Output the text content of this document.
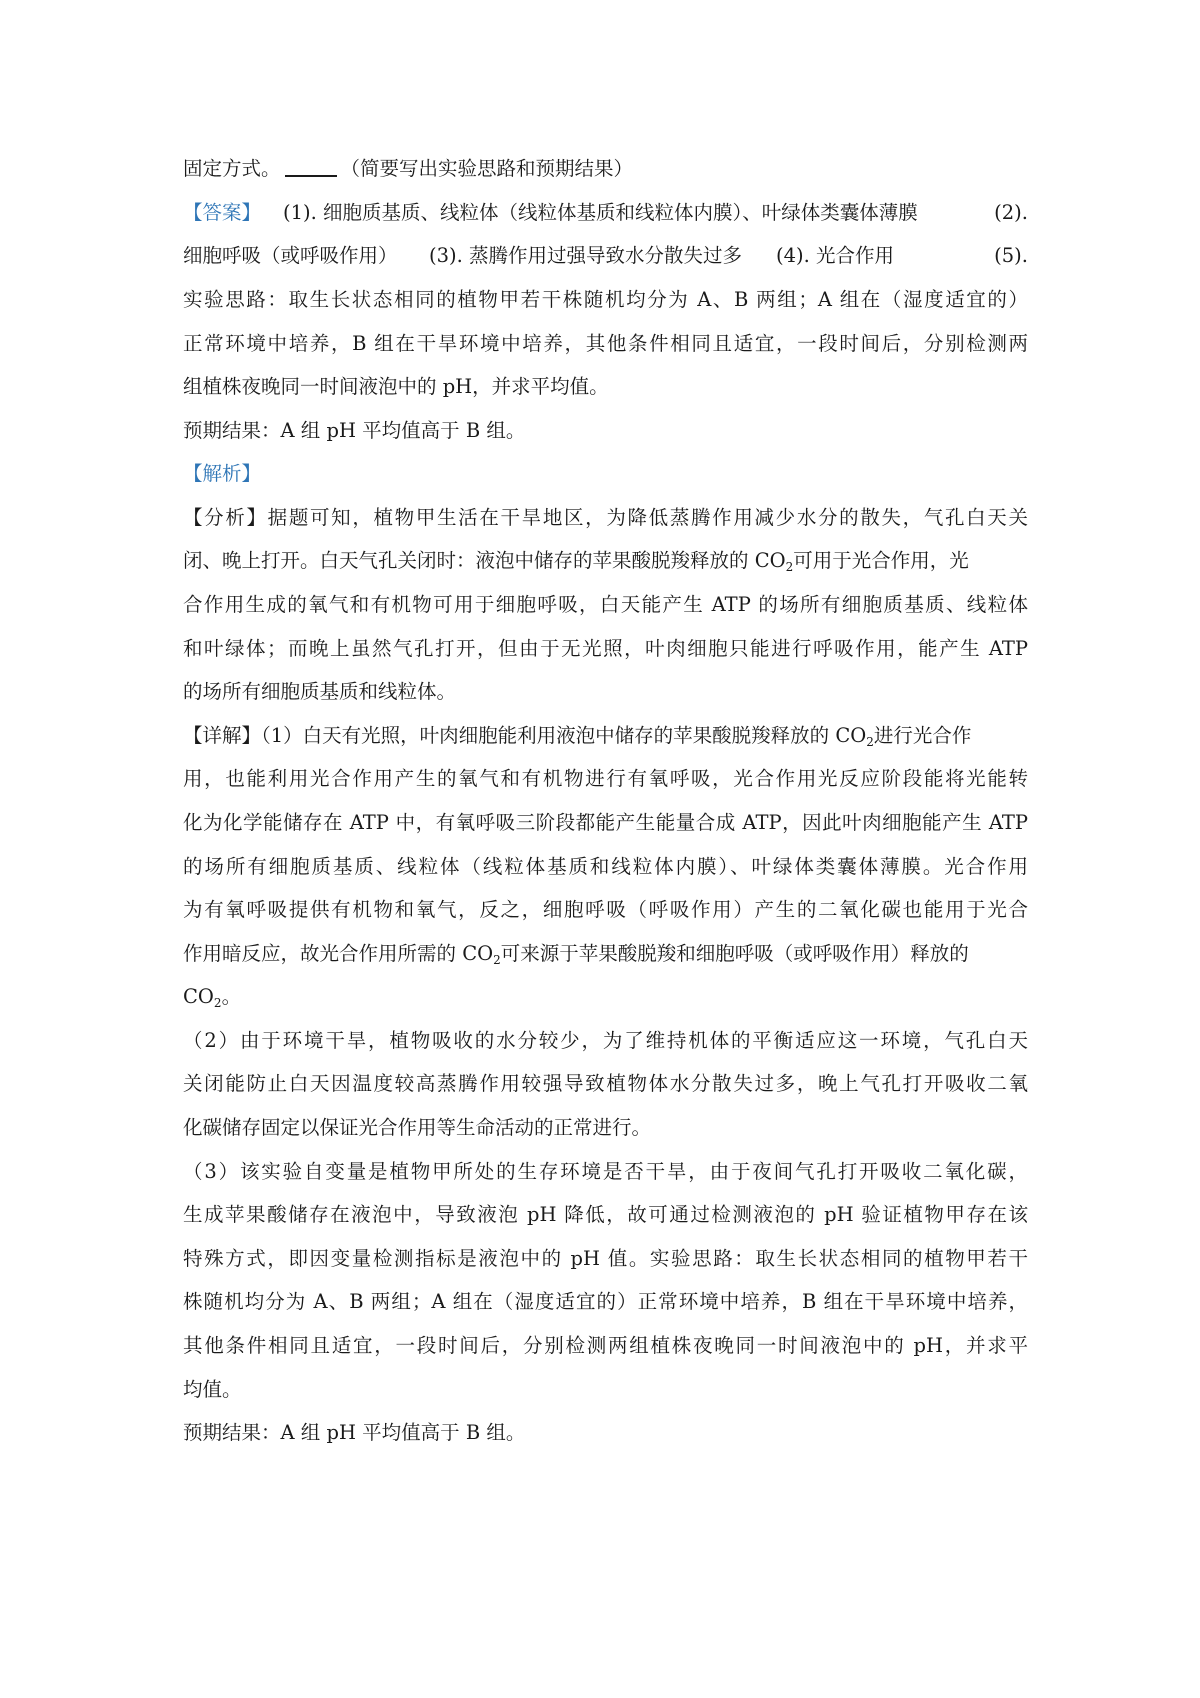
固定方式。	（简要写出实验思路和预期结果）
【答案】 (1). 细胞质基质、线粒体（线粒体基质和线粒体内膜）、叶绿体类囊体薄膜	(2).
细胞呼吸（或呼吸作用） (3). 蒸腾作用过强导致水分散失过多 (4). 光合作用	(5).
实验思路：取生长状态相同的植物甲若干株随机均分为 A、B 两组；A 组在（湿度适宜的）
正常环境中培养，B 组在干旱环境中培养，其他条件相同且适宜，一段时间后，分别检测两
组植株夜晚同一时间液泡中的 pH，并求平均值。
预期结果：A 组 pH 平均值高于 B 组。
【解析】
【分析】据题可知，植物甲生活在干旱地区，为降低蒸腾作用减少水分的散失，气孔白天关
闭、晚上打开。白天气孔关闭时：液泡中储存的苹果酸脱羧释放的 $CO_2$可用于光合作用，光
合作用生成的氧气和有机物可用于细胞呼吸，白天能产生 ATP 的场所有细胞质基质、线粒体
和叶绿体；而晚上虽然气孔打开，但由于无光照，叶肉细胞只能进行呼吸作用，能产生 ATP
的场所有细胞质基质和线粒体。
【详解】（1）白天有光照，叶肉细胞能利用液泡中储存的苹果酸脱羧释放的 $CO_2$进行光合作
用，也能利用光合作用产生的氧气和有机物进行有氧呼吸，光合作用光反应阶段能将光能转
化为化学能储存在 ATP 中，有氧呼吸三阶段都能产生能量合成 ATP，因此叶肉细胞能产生 ATP
的场所有细胞质基质、线粒体（线粒体基质和线粒体内膜）、叶绿体类囊体薄膜。光合作用
为有氧呼吸提供有机物和氧气，反之，细胞呼吸（呼吸作用）产生的二氧化碳也能用于光合
作用暗反应，故光合作用所需的 $CO_2$可来源于苹果酸脱羧和细胞呼吸（或呼吸作用）释放的
$CO_2$。
（2）由于环境干旱，植物吸收的水分较少，为了维持机体的平衡适应这一环境，气孔白天
关闭能防止白天因温度较高蒸腾作用较强导致植物体水分散失过多，晚上气孔打开吸收二氧
化碳储存固定以保证光合作用等生命活动的正常进行。
（3）该实验自变量是植物甲所处的生存环境是否干旱，由于夜间气孔打开吸收二氧化碳，
生成苹果酸储存在液泡中，导致液泡 pH 降低，故可通过检测液泡的 pH 验证植物甲存在该
特殊方式，即因变量检测指标是液泡中的 pH 值。实验思路：取生长状态相同的植物甲若干
株随机均分为 A、B 两组；A 组在（湿度适宜的）正常环境中培养，B 组在干旱环境中培养，
其他条件相同且适宜，一段时间后，分别检测两组植株夜晚同一时间液泡中的 pH，并求平
均值。
预期结果：A 组 pH 平均值高于 B 组。
